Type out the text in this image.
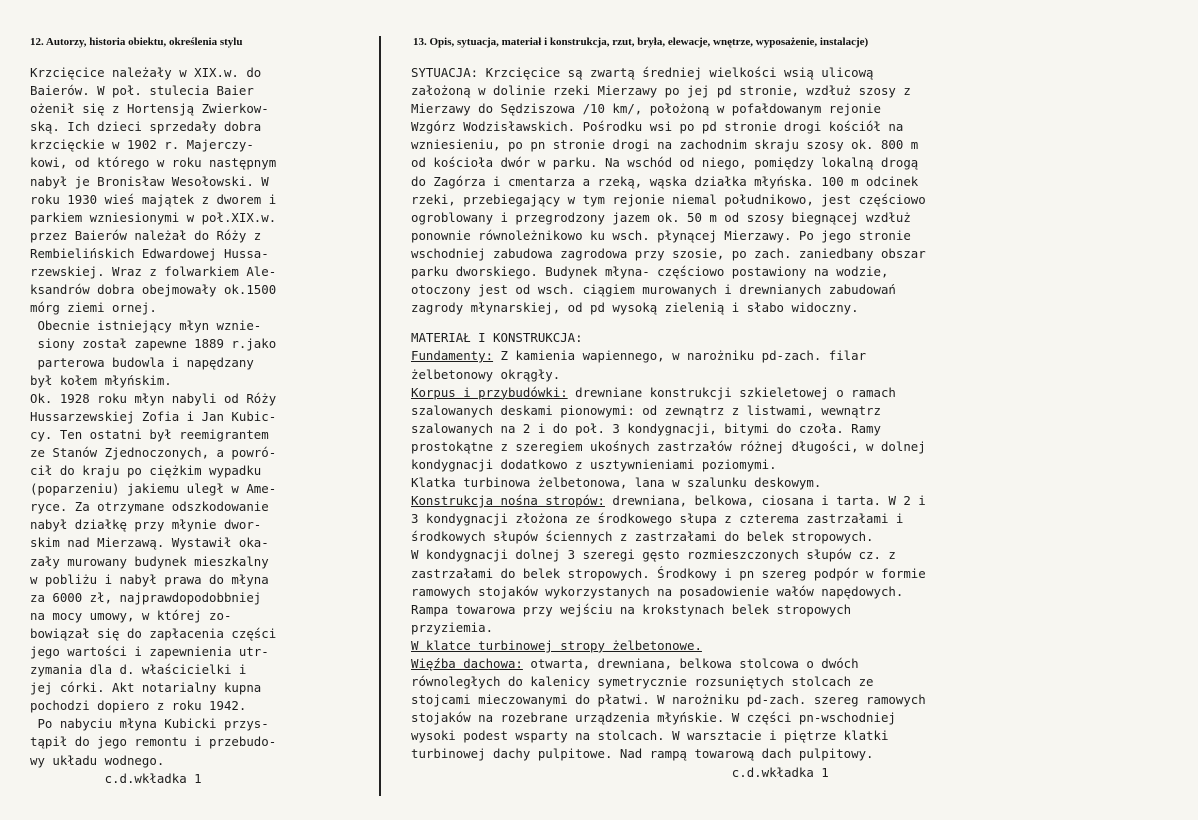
12. Autorzy, historia obiektu, określenia stylu	13. Opis, sytuacja, materiał i konstrukcja, rzut, bryła, elewacje, wnętrze, wyposażenie, instalacje)
Krzcięcice należały w XIX.w. do
Baierów. W poł. stulecia Baier
ożenił się z Hortensją Zwierkow-
ską. Ich dzieci sprzedały dobra
krzcięckie w 1902 r. Majerczy-
kowi, od którego w roku następnym
nabył je Bronisław Wesołowski. W
roku 1930 wieś majątek z dworem i
parkiem wzniesionymi w poł.XIX.w.
przez Baierów należał do Róży z
Rembielińskich Edwardowej Hussa-
rzewskiej. Wraz z folwarkiem Ale-
ksandrów dobra obejmowały ok.1500
mórg ziemi ornej.
Obecnie istniejący młyn wznie-
siony został zapewne 1889 r.jako
parterowa budowla i napędzany
był kołem młyńskim.
Ok. 1928 roku młyn nabyli od Róży
Hussarzewskiej Zofia i Jan Kubic-
cy. Ten ostatni był reemigrantem
ze Stanów Zjednoczonych, a powró-
cił do kraju po ciężkim wypadku
(poparzeniu) jakiemu uległ w Ame-
ryce. Za otrzymane odszkodowanie
nabył działkę przy młynie dwor-
skim nad Mierzawą. Wystawił oka-
zały murowany budynek mieszkalny
w pobliżu i nabył prawa do młyna
za 6000 zł, najprawdopodobbniej
na mocy umowy, w której zo-
bowiązał się do zapłacenia części
jego wartości i zapewnienia utr-
zymania dla d. właścicielki i
jej córki. Akt notarialny kupna
pochodzi dopiero z roku 1942.
Po nabyciu młyna Kubicki przys-
tąpił do jego remontu i przebudo-
wy układu wodnego.
c.d.wkładka 1
SYTUACJA: Krzcięcice są zwartą średniej wielkości wsią ulicową
założoną w dolinie rzeki Mierzawy po jej pd stronie, wzdłuż szosy z
Mierzawy do Sędziszowa /10 km/, położoną w pofałdowanym rejonie
Wzgórz Wodzisławskich. Pośrodku wsi po pd stronie drogi kościół na
wzniesieniu, po pn stronie drogi na zachodnim skraju szosy ok. 800 m
od kościoła dwór w parku. Na wschód od niego, pomiędzy lokalną drogą
do Zagórza i cmentarza a rzeką, wąska działka młyńska. 100 m odcinek
rzeki, przebiegający w tym rejonie niemal południkowo, jest częściowo
ogroblowany i przegrodzony jazem ok. 50 m od szosy biegnącej wzdłuż
ponownie równoleżnikowo ku wsch. płynącej Mierzawy. Po jego stronie
wschodniej zabudowa zagrodowa przy szosie, po zach. zaniedbany obszar
parku dworskiego. Budynek młyna- częściowo postawiony na wodzie,
otoczony jest od wsch. ciągiem murowanych i drewnianych zabudowań
zagrody młynarskiej, od pd wysoką zielenią i słabo widoczny.
MATERIAŁ I KONSTRUKCJA:
Fundamenty: Z kamienia wapiennego, w narożniku pd-zach. filar
żelbetonowy okrągły.
Korpus i przybudówki: drewniane konstrukcji szkieletowej o ramach
szalowanych deskami pionowymi: od zewnątrz z listwami, wewnątrz
szalowanych na 2 i do poł. 3 kondygnacji, bitymi do czoła. Ramy
prostokątne z szeregiem ukośnych zastrzałów różnej długości, w dolnej
kondygnacji dodatkowo z usztywnieniami poziomymi.
Klatka turbinowa żelbetonowa, lana w szalunku deskowym.
Konstrukcja nośna stropów: drewniana, belkowa, ciosana i tarta. W 2 i
3 kondygnacji złożona ze środkowego słupa z czterema zastrzałami i
środkowych słupów ściennych z zastrzałami do belek stropowych.
W kondygnacji dolnej 3 szeregi gęsto rozmieszczonych słupów cz. z
zastrzałami do belek stropowych. Środkowy i pn szereg podpór w formie
ramowych stojaków wykorzystanych na posadowienie wałów napędowych.
Rampa towarowa przy wejściu na krokstynach belek stropowych
przyziemia.
W klatce turbinowej stropy żelbetonowe.
Więźba dachowa: otwarta, drewniana, belkowa stolcowa o dwóch
równoległych do kalenicy symetrycznie rozsuniętych stolcach ze
stojcami mieczowanymi do płatwi. W narożniku pd-zach. szereg ramowych
stojaków na rozebrane urządzenia młyńskie. W części pn-wschodniej
wysoki podest wsparty na stolcach. W warsztacie i piętrze klatki
turbinowej dachy pulpitowe. Nad rampą towarową dach pulpitowy.
c.d.wkładka 1
